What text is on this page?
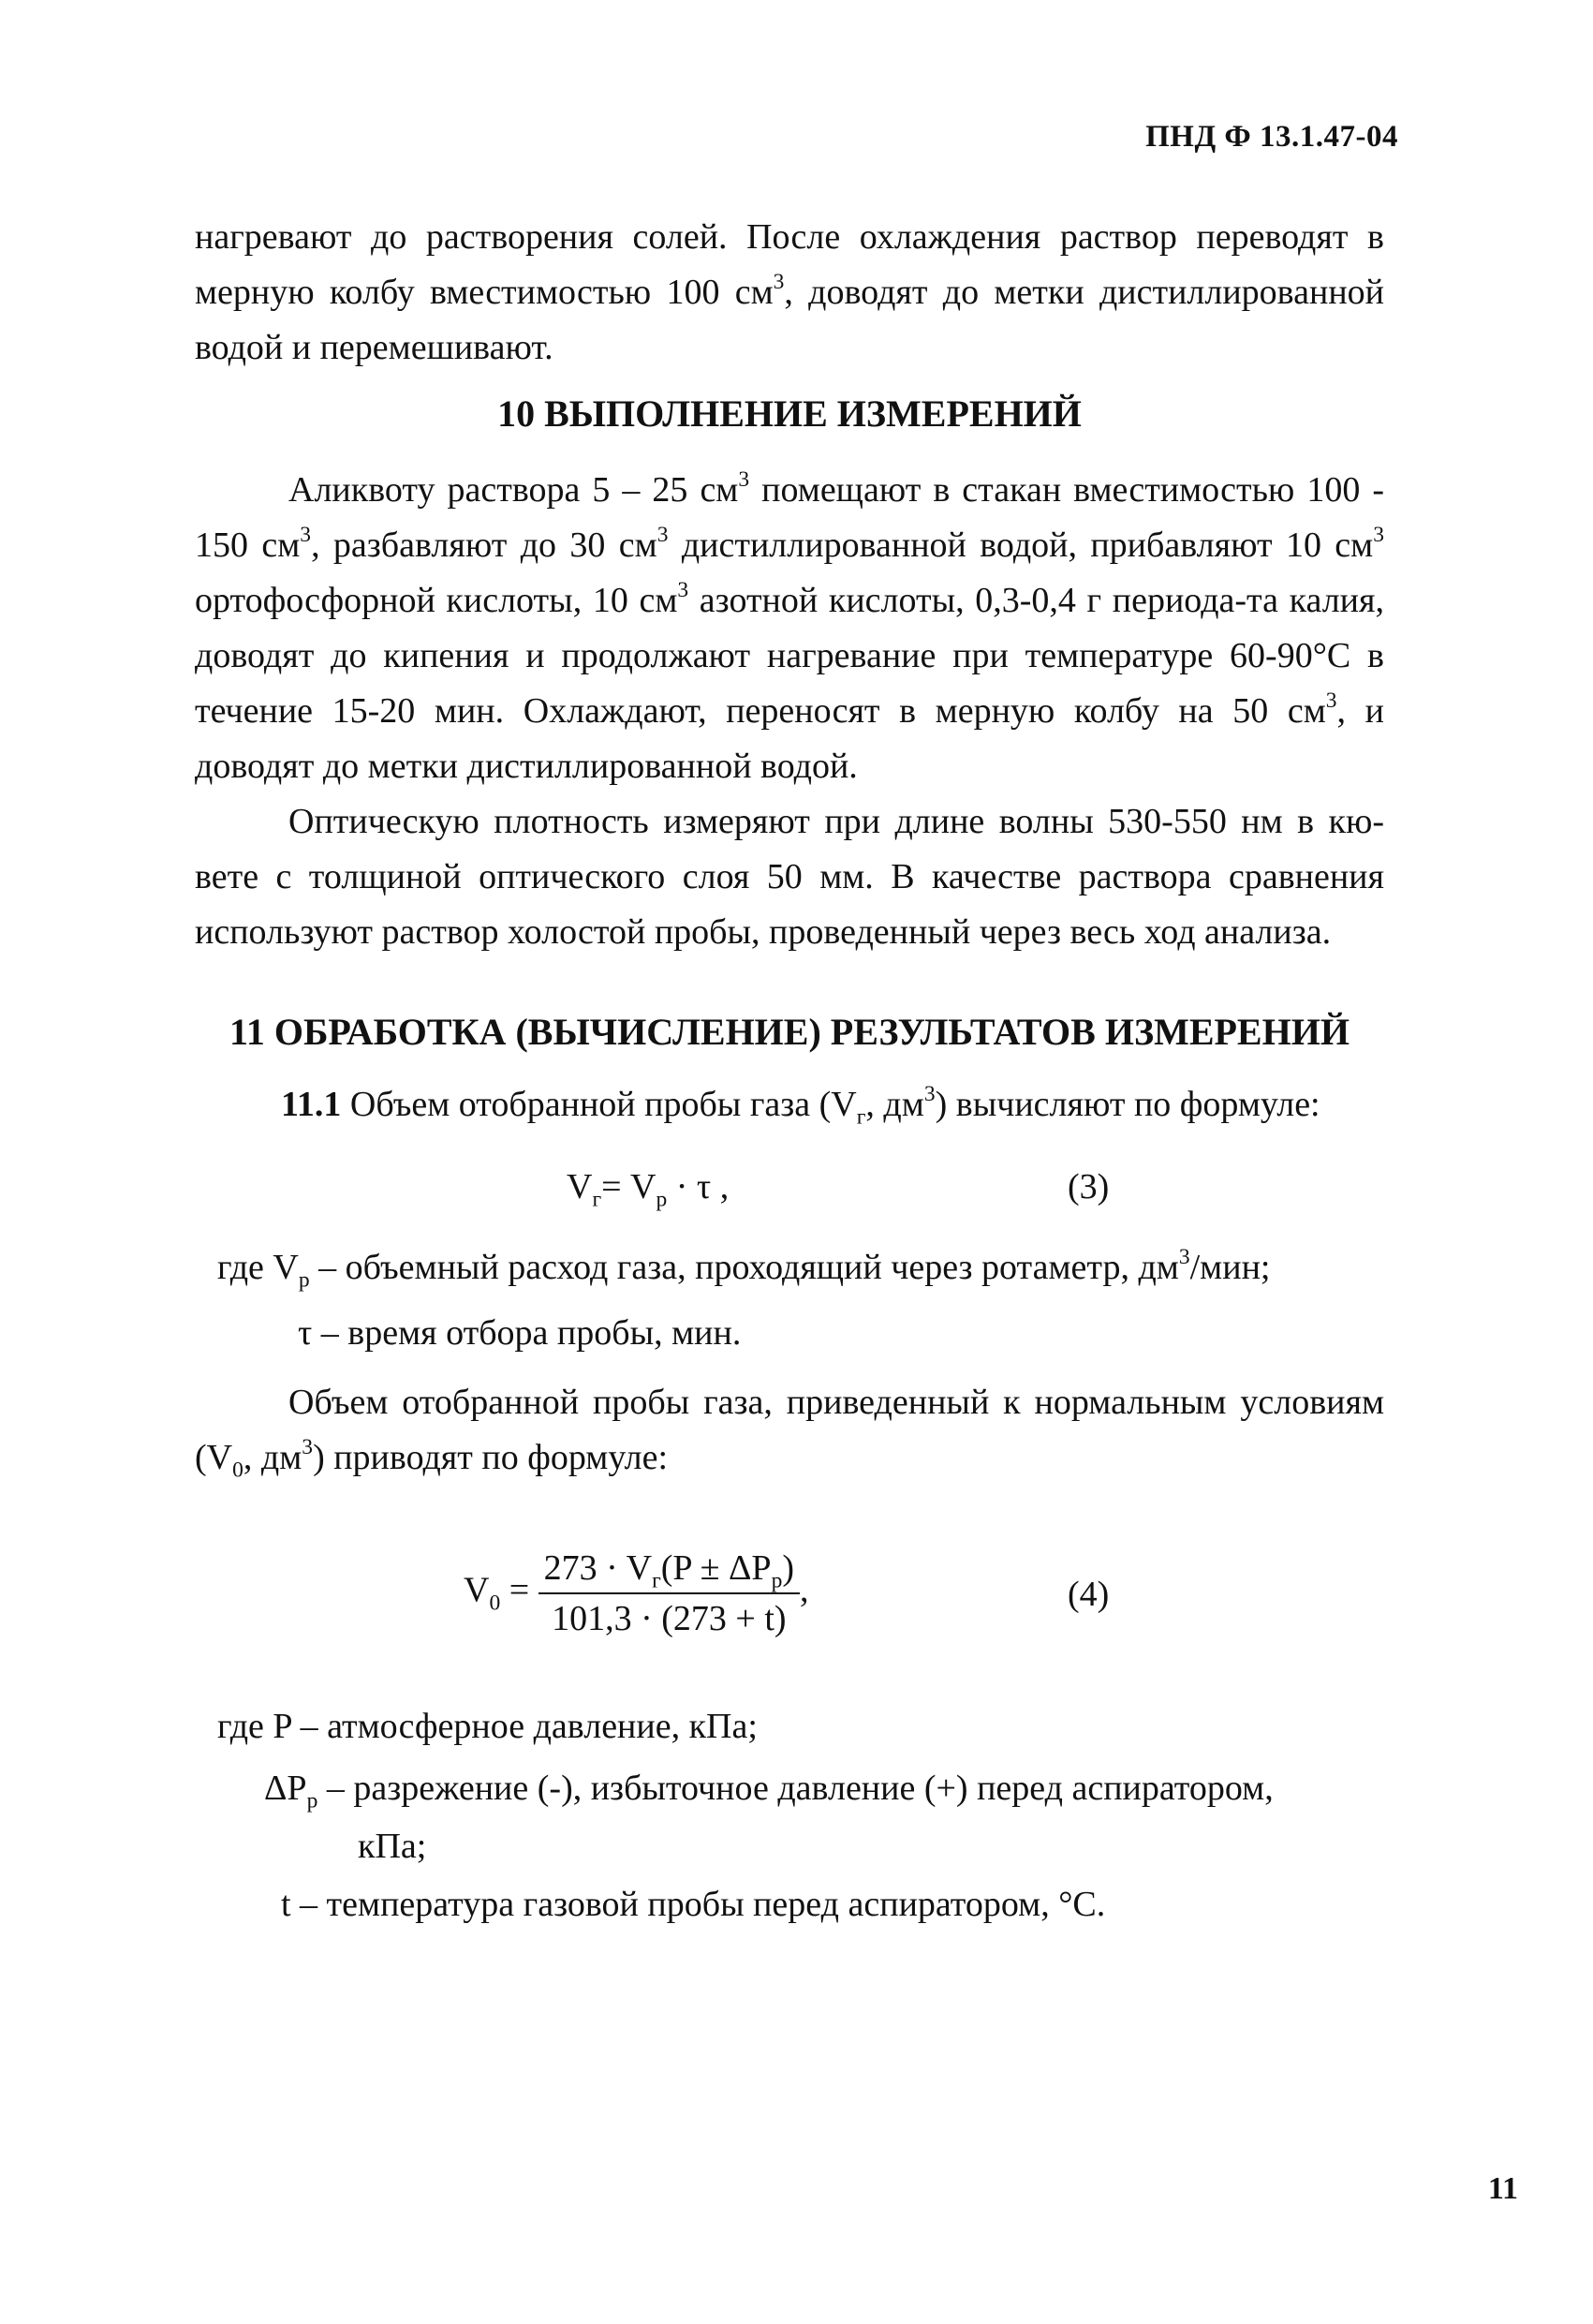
ПНД Ф 13.1.47-04

нагревают до растворения солей. После охлаждения раствор переводят в мерную колбу вместимостью 100 $см^3$, доводят до метки дистиллированной водой и перемешивают.

10 ВЫПОЛНЕНИЕ ИЗМЕРЕНИЙ

Аликвоту раствора 5 – 25 $см^3$ помещают в стакан вместимостью 100 - 150 $см^3$, разбавляют до 30 $см^3$ дистиллированной водой, прибавляют 10 $см^3$ ортофосфорной кислоты, 10 $см^3$ азотной кислоты, 0,3-0,4 г периода-та калия, доводят до кипения и продолжают нагревание при температуре 60-90°С в течение 15-20 мин. Охлаждают, переносят в мерную колбу на 50 $см^3$, и доводят до метки дистиллированной водой.

Оптическую плотность измеряют при длине волны 530-550 нм в кю-вете с толщиной оптического слоя 50 мм. В качестве раствора сравнения используют раствор холостой пробы, проведенный через весь ход анализа.

11 ОБРАБОТКА (ВЫЧИСЛЕНИЕ) РЕЗУЛЬТАТОВ ИЗМЕРЕНИЙ

11.1 Объем отобранной пробы газа ($V_г$, $дм^3$) вычисляют по формуле:

$V_г= V_р \cdot \tau$ ,	(3)

где $V_р$ – объемный расход газа, проходящий через ротаметр, $дм^3$/мин;

τ – время отбора пробы, мин.

Объем отобранной пробы газа, приведенный к нормальным условиям ($V_0$, $дм^3$) приводят по формуле:

$V_0 = \frac{273 \cdot V_г(P \pm \Delta P_р)}{101,3 \cdot (273 + t)}$ ,	(4)

где P – атмосферное давление, кПа;

$\Delta P_р$ – разрежение (-), избыточное давление (+) перед аспиратором,

кПа;

t – температура газовой пробы перед аспиратором, °С.

11
